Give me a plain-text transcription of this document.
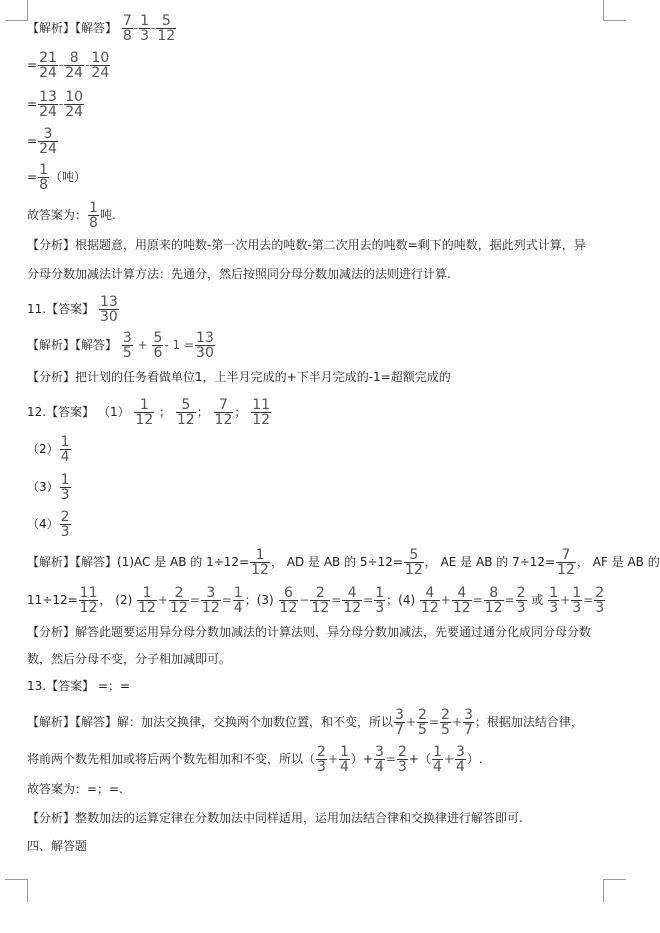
【解析】【解答】 $\frac{7}{8} - \frac{1}{3} - \frac{5}{12}$
= $\frac{21}{24} - \frac{8}{24} - \frac{10}{24}$
= $\frac{13}{24} - \frac{10}{24}$
= $\frac{3}{24}$
= $\frac{1}{8}$ （吨）
故答案为： $\frac{1}{8}$ 吨.
【分析】根据题意，用原来的吨数-第一次用去的吨数-第二次用去的吨数=剩下的吨数，据此列式计算，异
分母分数加减法计算方法：先通分，然后按照同分母分数加减法的法则进行计算.
11.【答案】 $\frac{13}{30}$
【解析】【解答】 $\frac{3}{5} + \frac{5}{6} - 1 = \frac{13}{30}$
【分析】把计划的任务看做单位1，上半月完成的+下半月完成的-1=超额完成的
12.【答案】 $(1) \frac{1}{12}$ ； $\frac{5}{12}$ ； $\frac{7}{12}$ ； $\frac{11}{12}$
$(2) \frac{1}{4}$
$(3) \frac{1}{3}$
$(4) \frac{2}{3}$
【解析】【解答】(1)AC 是 AB 的 $1\div 12= \frac{1}{12}$ ， AD 是 AB 的 $5\div 12= \frac{5}{12}$ ， AE 是 AB 的 $7\div 12= \frac{7}{12}$ ， AF 是 AB 的
$11\div 12= \frac{11}{12}$ ， $(2) \frac{1}{12} + \frac{2}{12} = \frac{3}{12} = \frac{1}{4}$ ；$(3) \frac{6}{12} - \frac{2}{12} = \frac{4}{12} = \frac{1}{3}$ ；$(4) \frac{4}{12} + \frac{4}{12} = \frac{8}{12} = \frac{2}{3}$ 或 $\frac{1}{3} + \frac{1}{3} = \frac{2}{3}$
【分析】解答此题要运用异分母分数加减法的计算法则，异分母分数加减法，先要通过通分化成同分母分数
数，然后分母不变，分子相加减即可。
13.【答案】 =；=
【解析】【解答】解：加法交换律，交换两个加数位置，和不变，所以 $\frac{3}{7} + \frac{2}{5} = \frac{2}{5} + \frac{3}{7}$ ；根据加法结合律，
将前两个数先相加或将后两个数先相加和不变，所以（ $\frac{2}{3} + \frac{1}{4}$ ）+ $\frac{3}{4} = \frac{2}{3}$ +（ $\frac{1}{4} + \frac{3}{4}$ ）.
故答案为：=；=.
【分析】整数加法的运算定律在分数加法中同样适用，运用加法结合律和交换律进行解答即可.
四、解答题
